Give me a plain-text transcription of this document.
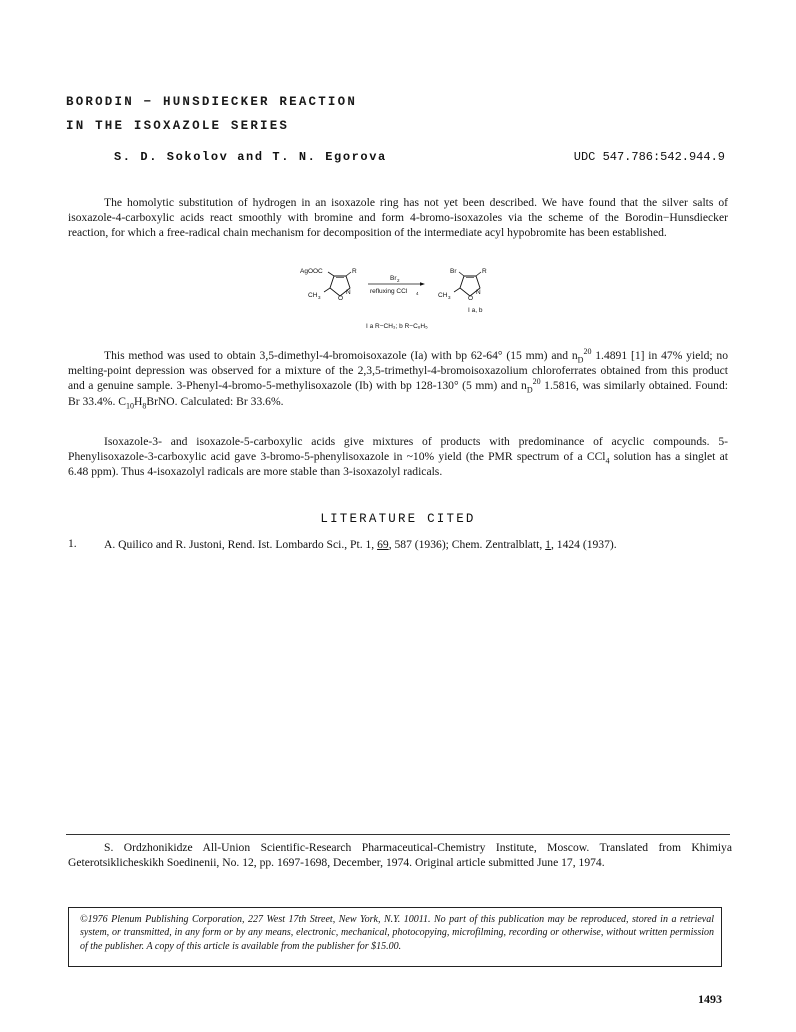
BORODIN − HUNSDIECKER REACTION
IN THE ISOXAZOLE SERIES
S. D. Sokolov and T. N. Egorova	UDC 547.786:542.944.9
The homolytic substitution of hydrogen in an isoxazole ring has not yet been described. We have found that the silver salts of isoxazole-4-carboxylic acids react smoothly with bromine and form 4-bromo-isoxazoles via the scheme of the Borodin−Hunsdiecker reaction, for which a free-radical chain mechanism for decomposition of the intermediate acyl hypobromite has been established.
AgOOC	R
CH 3	O
N
Br 2
refluxing CCl 4
Br	R
CH 3	O
N
I a, b
I a R−CH₃; b R−C₆H₅
This method was used to obtain 3,5-dimethyl-4-bromoisoxazole (Ia) with bp 62-64° (15 mm) and $n_D^{20}$ 1.4891 [1] in 47% yield; no melting-point depression was observed for a mixture of the 2,3,5-trimethyl-4-bromoisoxazolium chloroferrates obtained from this product and a genuine sample. 3-Phenyl-4-bromo-5-methylisoxazole (Ib) with bp 128-130° (5 mm) and $n_D^{20}$ 1.5816, was similarly obtained. Found: Br 33.4%. $C_{10}H_8BrNO$. Calculated: Br 33.6%.
Isoxazole-3- and isoxazole-5-carboxylic acids give mixtures of products with predominance of acyclic compounds. 5-Phenylisoxazole-3-carboxylic acid gave 3-bromo-5-phenylisoxazole in ~10% yield (the PMR spectrum of a CCl$_4$ solution has a singlet at 6.48 ppm). Thus 4-isoxazolyl radicals are more stable than 3-isoxazolyl radicals.
LITERATURE CITED
1. A. Quilico and R. Justoni, Rend. Ist. Lombardo Sci., Pt. 1, 69, 587 (1936); Chem. Zentralblatt, 1, 1424 (1937).
S. Ordzhonikidze All-Union Scientific-Research Pharmaceutical-Chemistry Institute, Moscow. Translated from Khimiya Geterotsiklicheskikh Soedinenii, No. 12, pp. 1697-1698, December, 1974. Original article submitted June 17, 1974.
©1976 Plenum Publishing Corporation, 227 West 17th Street, New York, N.Y. 10011. No part of this publication may be reproduced, stored in a retrieval system, or transmitted, in any form or by any means, electronic, mechanical, photocopying, microfilming, recording or otherwise, without written permission of the publisher. A copy of this article is available from the publisher for $15.00.
1493
